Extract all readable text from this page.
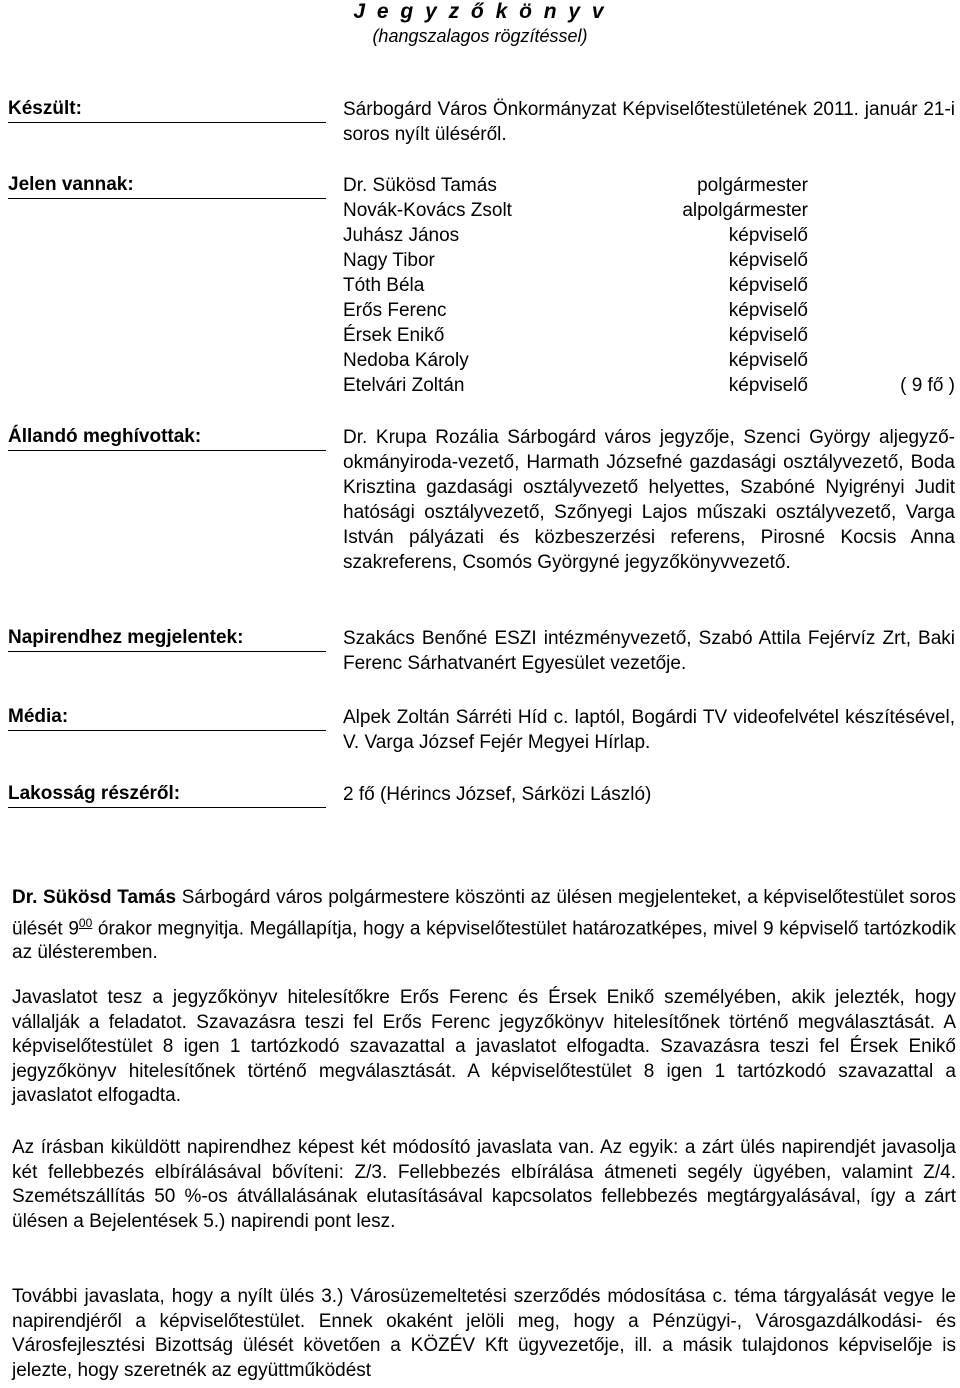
J e g y z ő k ö n y v
(hangszalagos rögzítéssel)
Készült:	Sárbogárd Város Önkormányzat Képviselőtestületének 2011. január 21-i soros nyílt üléséről.
Jelen vannak:	Dr. Sükösd Tamás	polgármester	
Novák-Kovács Zsolt	alpolgármester	
Juhász János	képviselő	
Nagy Tibor	képviselő	
Tóth Béla	képviselő	
Erős Ferenc	képviselő	
Érsek Enikő	képviselő	
Nedoba Károly	képviselő	
Etelvári Zoltán	képviselő	( 9 fő )
Állandó meghívottak:	Dr. Krupa Rozália Sárbogárd város jegyzője, Szenci György aljegyző- okmányiroda-vezető, Harmath Józsefné gazdasági osztályvezető, Boda Krisztina gazdasági osztályvezető helyettes, Szabóné Nyigrényi Judit hatósági osztályvezető, Szőnyegi Lajos műszaki osztályvezető, Varga István pályázati és közbeszerzési referens, Pirosné Kocsis Anna szakreferens, Csomós Györgyné jegyzőkönyvvezető.
Napirendhez megjelentek:	Szakács Benőné ESZI intézményvezető, Szabó Attila Fejérvíz Zrt, Baki Ferenc Sárhatvanért Egyesület vezetője.
Média:	Alpek Zoltán Sárréti Híd c. laptól, Bogárdi TV videofelvétel készítésével, V. Varga József Fejér Megyei Hírlap.
Lakosság részéről:	2 fő (Hérincs József, Sárközi László)
Dr. Sükösd Tamás Sárbogárd város polgármestere köszönti az ülésen megjelenteket, a képviselőtestület soros ülését $9^{00}$ órakor megnyitja. Megállapítja, hogy a képviselőtestület határozatképes, mivel 9 képviselő tartózkodik az ülésteremben.
Javaslatot tesz a jegyzőkönyv hitelesítőkre Erős Ferenc és Érsek Enikő személyében, akik jelezték, hogy vállalják a feladatot. Szavazásra teszi fel Erős Ferenc jegyzőkönyv hitelesítőnek történő megválasztását. A képviselőtestület 8 igen 1 tartózkodó szavazattal a javaslatot elfogadta. Szavazásra teszi fel Érsek Enikő jegyzőkönyv hitelesítőnek történő megválasztását. A képviselőtestület 8 igen 1 tartózkodó szavazattal a javaslatot elfogadta.
Az írásban kiküldött napirendhez képest két módosító javaslata van. Az egyik: a zárt ülés napirendjét javasolja két fellebbezés elbírálásával bővíteni: Z/3. Fellebbezés elbírálása átmeneti segély ügyében, valamint Z/4. Szemétszállítás 50 %-os átvállalásának elutasításával kapcsolatos fellebbezés megtárgyalásával, így a zárt ülésen a Bejelentések 5.) napirendi pont lesz.
További javaslata, hogy a nyílt ülés 3.) Városüzemeltetési szerződés módosítása c. téma tárgyalását vegye le napirendjéről a képviselőtestület. Ennek okaként jelöli meg, hogy a Pénzügyi-, Városgazdálkodási- és Városfejlesztési Bizottság ülését követően a KÖZÉV Kft ügyvezetője, ill. a másik tulajdonos képviselője is jelezte, hogy szeretnék az együttműködést
